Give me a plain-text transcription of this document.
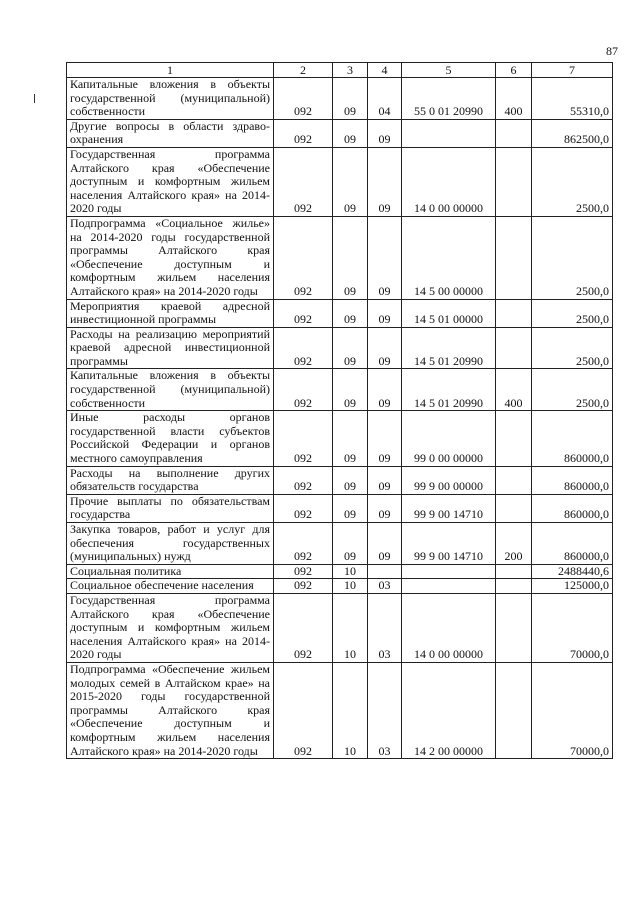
87
1	2	3	4	5	6	7
Капитальные вложения в объекты государственной (муниципальной) собственности	092	09	04	55 0 01 20990	400	55310,0
Другие вопросы в области здраво-охранения	092	09	09			862500,0
Государственная программа Алтайского края «Обеспечение доступным и комфортным жильем населения Алтайского края» на 2014-2020 годы	092	09	09	14 0 00 00000		2500,0
Подпрограмма «Социальное жилье» на 2014-2020 годы государственной программы Алтайского края «Обеспечение доступным и комфортным жильем населения Алтайского края» на 2014-2020 годы	092	09	09	14 5 00 00000		2500,0
Мероприятия краевой адресной инвестиционной программы	092	09	09	14 5 01 00000		2500,0
Расходы на реализацию мероприятий краевой адресной инвестиционной программы	092	09	09	14 5 01 20990		2500,0
Капитальные вложения в объекты государственной (муниципальной) собственности	092	09	09	14 5 01 20990	400	2500,0
Иные расходы органов государственной власти субъектов Российской Федерации и органов местного самоуправления	092	09	09	99 0 00 00000		860000,0
Расходы на выполнение других обязательств государства	092	09	09	99 9 00 00000		860000,0
Прочие выплаты по обязательствам государства	092	09	09	99 9 00 14710		860000,0
Закупка товаров, работ и услуг для обеспечения государственных (муниципальных) нужд	092	09	09	99 9 00 14710	200	860000,0
Социальная политика	092	10				2488440,6
Социальное обеспечение населения	092	10	03			125000,0
Государственная программа Алтайского края «Обеспечение доступным и комфортным жильем населения Алтайского края» на 2014-2020 годы	092	10	03	14 0 00 00000		70000,0
Подпрограмма «Обеспечение жильем молодых семей в Алтайском крае» на 2015-2020 годы государственной программы Алтайского края «Обеспечение доступным и комфортным жильем населения Алтайского края» на 2014-2020 годы	092	10	03	14 2 00 00000		70000,0
